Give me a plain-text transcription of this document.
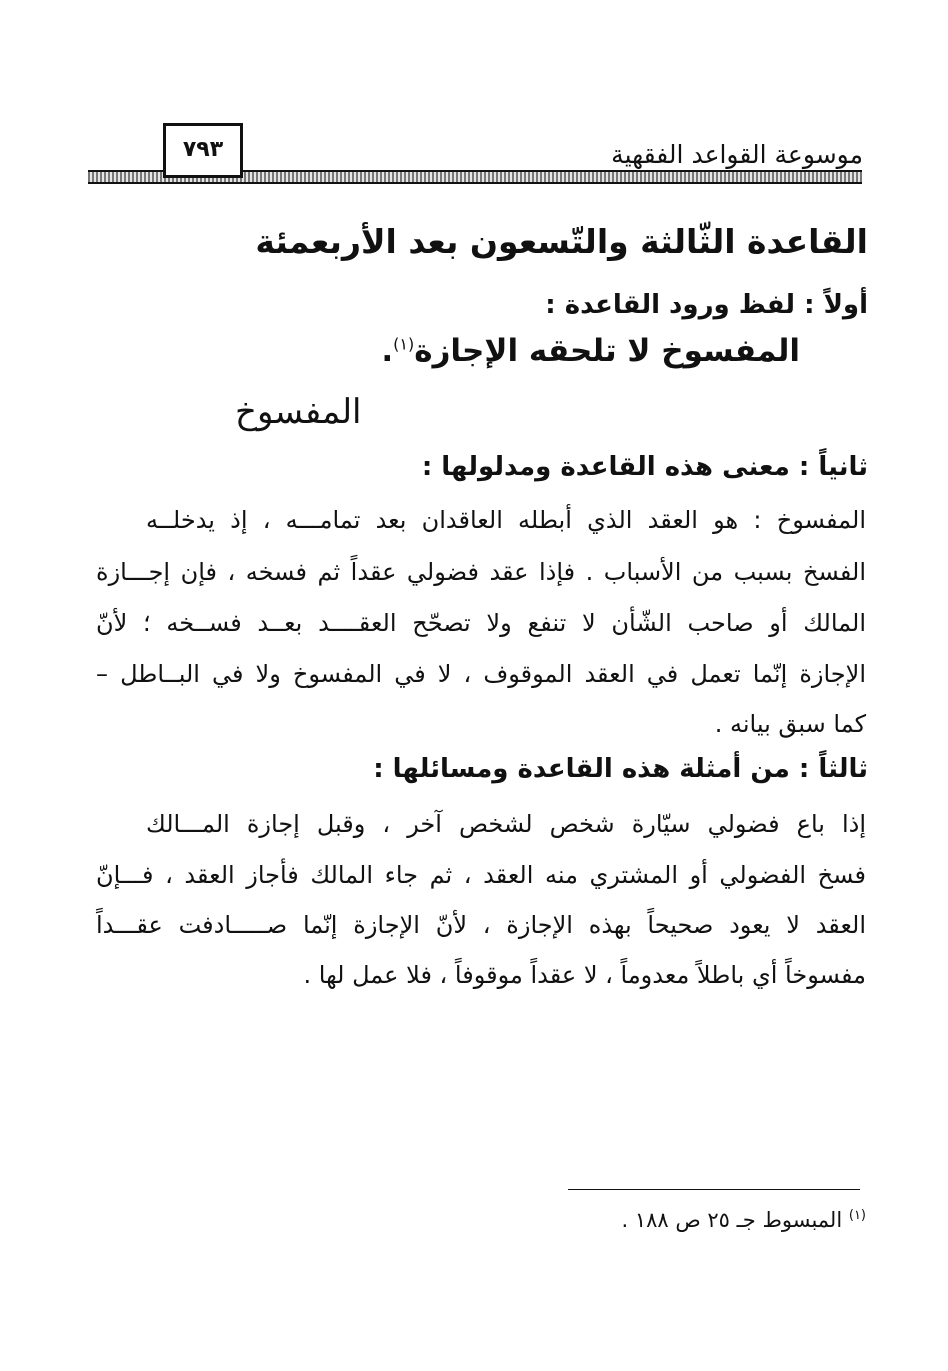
موسوعة القواعد الفقهية
٧٩٣
القاعدة الثّالثة والتّسعون بعد الأربعمئة
أولاً : لفظ ورود القاعدة :
المفسوخ لا تلحقه الإجازة$^{(١)}$.
المفسوخ
ثانياً : معنى هذه القاعدة ومدلولها :
المفسوخ : هو العقد الذي أبطله العاقدان بعد تمامـــه ، إذ يدخلــه
الفسخ بسبب من الأسباب . فإذا عقد فضولي عقداً ثم فسخه ، فإن إجـــازة
المالك أو صاحب الشّأن لا تنفع ولا تصحّح العقــــد بعــد فســخه ؛ لأنّ
الإجازة إنّما تعمل في العقد الموقوف ، لا في المفسوخ ولا في البــاطل –
كما سبق بيانه .
ثالثاً : من أمثلة هذه القاعدة ومسائلها :
إذا باع فضولي سيّارة شخص لشخص آخر ، وقبل إجازة المـــالك
فسخ الفضولي أو المشتري منه العقد ، ثم جاء المالك فأجاز العقد ، فـــإنّ
العقد لا يعود صحيحاً بهذه الإجازة ، لأنّ الإجازة إنّما صـــــادفت عقـــداً
مفسوخاً أي باطلاً معدوماً ، لا عقداً موقوفاً ، فلا عمل لها .
$^{(١)}$ المبسوط جـ ٢٥ ص ١٨٨ .
